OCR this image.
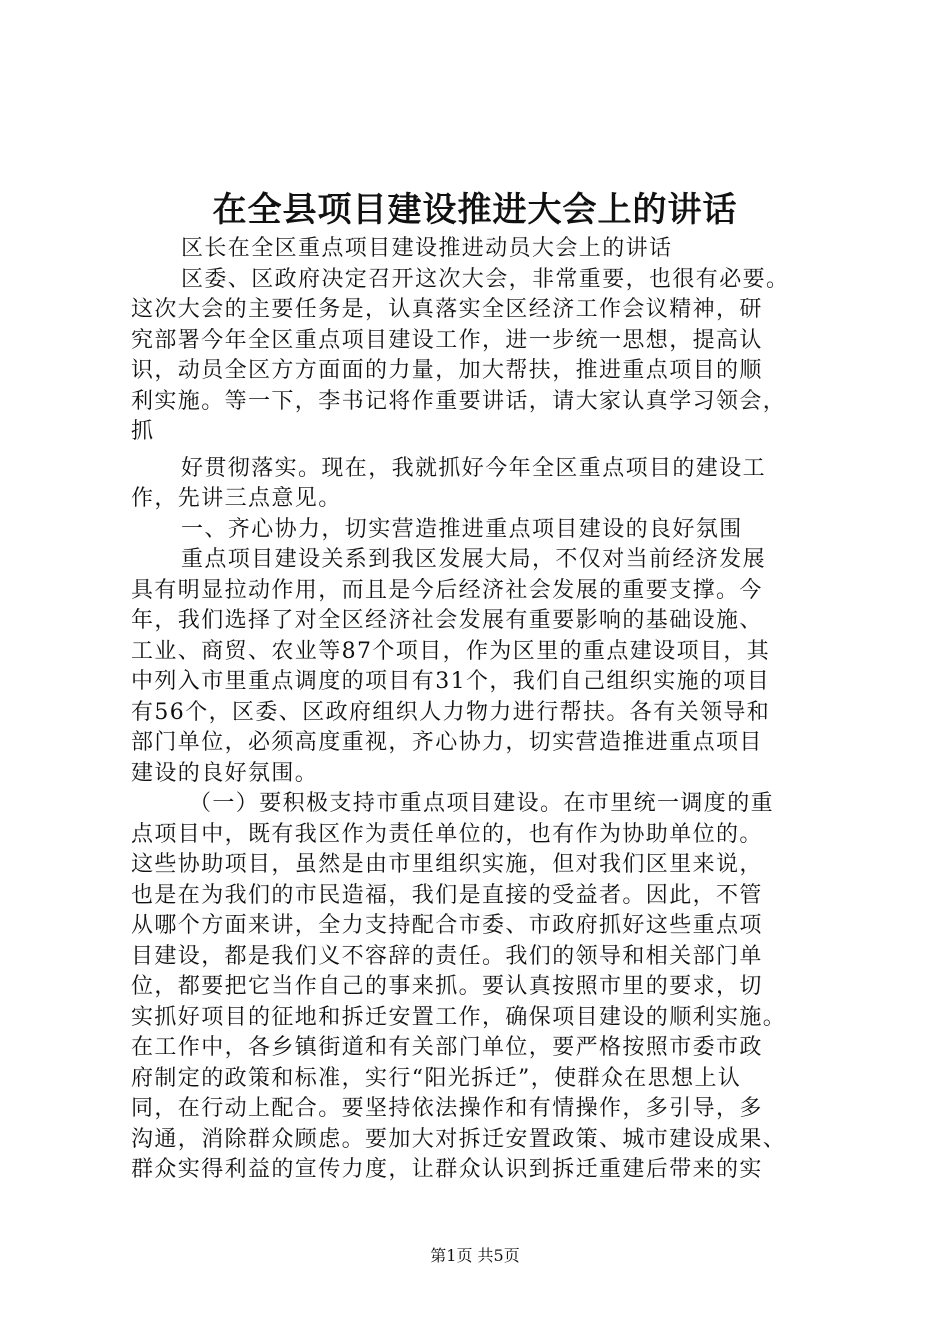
在全县项目建设推进大会上的讲话
区长在全区重点项目建设推进动员大会上的讲话
区委、区政府决定召开这次大会，非常重要，也很有必要。
这次大会的主要任务是，认真落实全区经济工作会议精神，研
究部署今年全区重点项目建设工作，进一步统一思想，提高认
识，动员全区方方面面的力量，加大帮扶，推进重点项目的顺
利实施。等一下，李书记将作重要讲话，请大家认真学习领会，
抓
好贯彻落实。现在，我就抓好今年全区重点项目的建设工
作，先讲三点意见。
一、齐心协力，切实营造推进重点项目建设的良好氛围
重点项目建设关系到我区发展大局，不仅对当前经济发展
具有明显拉动作用，而且是今后经济社会发展的重要支撑。今
年，我们选择了对全区经济社会发展有重要影响的基础设施、
工业、商贸、农业等87个项目，作为区里的重点建设项目，其
中列入市里重点调度的项目有31个，我们自己组织实施的项目
有56个，区委、区政府组织人力物力进行帮扶。各有关领导和
部门单位，必须高度重视，齐心协力，切实营造推进重点项目
建设的良好氛围。
（一）要积极支持市重点项目建设。在市里统一调度的重
点项目中，既有我区作为责任单位的，也有作为协助单位的。
这些协助项目，虽然是由市里组织实施，但对我们区里来说，
也是在为我们的市民造福，我们是直接的受益者。因此，不管
从哪个方面来讲，全力支持配合市委、市政府抓好这些重点项
目建设，都是我们义不容辞的责任。我们的领导和相关部门单
位，都要把它当作自己的事来抓。要认真按照市里的要求，切
实抓好项目的征地和拆迁安置工作，确保项目建设的顺利实施。
在工作中，各乡镇街道和有关部门单位，要严格按照市委市政
府制定的政策和标准，实行“阳光拆迁”，使群众在思想上认
同，在行动上配合。要坚持依法操作和有情操作，多引导，多
沟通，消除群众顾虑。要加大对拆迁安置政策、城市建设成果、
群众实得利益的宣传力度，让群众认识到拆迁重建后带来的实
第1页 共5页
